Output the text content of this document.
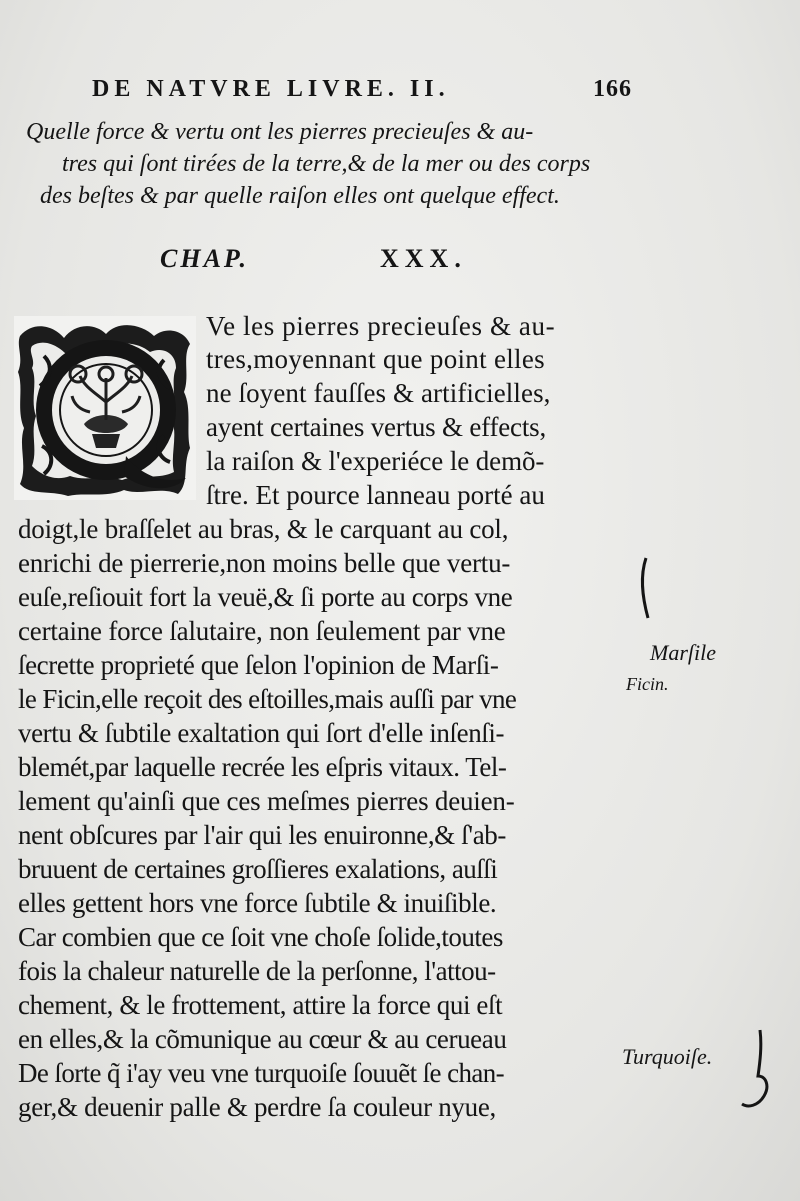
DE NATVRE LIVRE. II.	166
Quelle force & vertu ont les pierres precieuſes & au-
tres qui ſont tirées de la terre,& de la mer ou des corps
des beſtes & par quelle raiſon elles ont quelque effect.
CHAP.	XXX.
Ve les pierres precieuſes & au-
tres,moyennant que point elles
ne ſoyent fauſſes & artificielles,
ayent certaines vertus & effects,
la raiſon & l'experiéce le demõ-
ſtre. Et pource lanneau porté au
doigt,le braſſelet au bras, & le carquant au col,
enrichi de pierrerie,non moins belle que vertu-
euſe,reſiouit fort la veuë,& ſi porte au corps vne
certaine force ſalutaire, non ſeulement par vne
ſecrette proprieté que ſelon l'opinion de Marſi-
le Ficin,elle reçoit des eſtoilles,mais auſſi par vne
vertu & ſubtile exaltation qui ſort d'elle inſenſi-
blemét,par laquelle recrée les eſpris vitaux. Tel-
lement qu'ainſi que ces meſmes pierres deuien-
nent obſcures par l'air qui les enuironne,& ſ'ab-
bruuent de certaines groſſieres exalations, auſſi
elles gettent hors vne force ſubtile & inuiſible.
Car combien que ce ſoit vne choſe ſolide,toutes
fois la chaleur naturelle de la perſonne, l'attou-
chement, & le frottement, attire la force qui eſt
en elles,& la cõmunique au cœur & au cerueau
De ſorte q̃ i'ay veu vne turquoiſe ſouuẽt ſe chan-
ger,& deuenir palle & perdre ſa couleur nyue,
Marſile
Ficin.
Turquoiſe.
